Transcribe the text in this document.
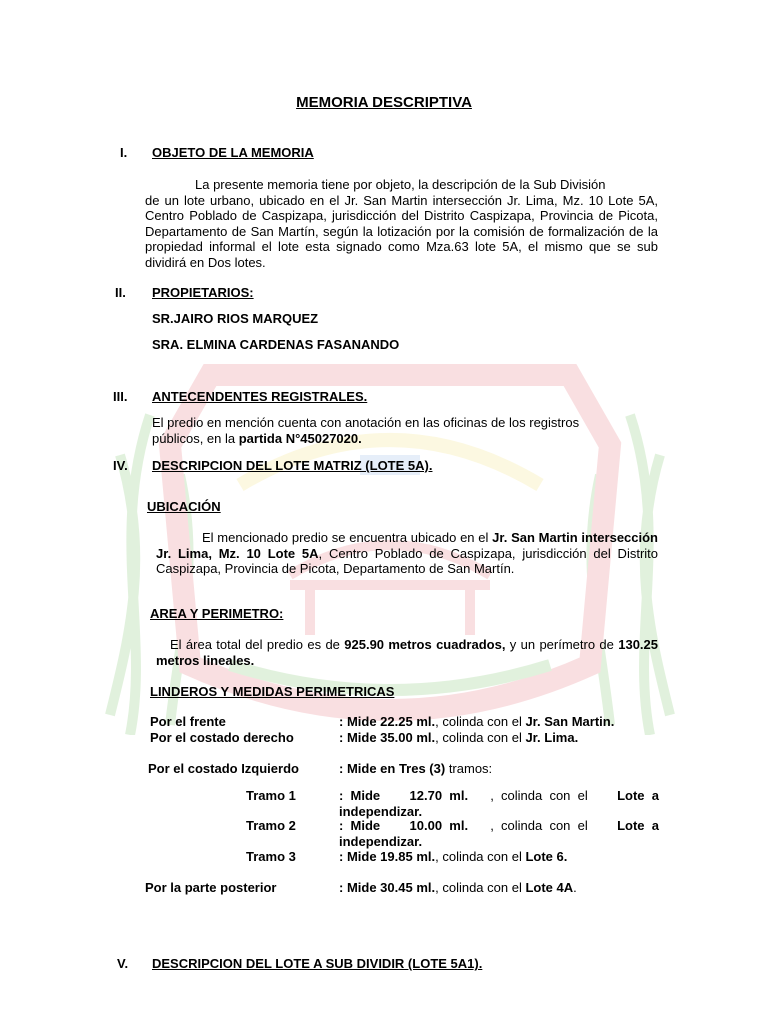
MEMORIA DESCRIPTIVA

I. OBJETO DE LA MEMORIA
La presente memoria tiene por objeto, la descripción de la Sub División
de un lote urbano, ubicado en el Jr. San Martin intersección Jr. Lima, Mz. 10 Lote 5A, Centro Poblado de Caspizapa, jurisdicción del Distrito Caspizapa, Provincia de Picota, Departamento de San Martín, según la lotización por la comisión de formalización de la propiedad informal el lote esta signado como Mza.63 lote 5A, el mismo que se sub dividirá en Dos lotes.
II. PROPIETARIOS:
SR.JAIRO RIOS MARQUEZ
SRA. ELMINA CARDENAS FASANANDO
III. ANTECENDENTES REGISTRALES.
El predio en mención cuenta con anotación en las oficinas de los registros públicos, en la partida N°45027020.
IV. DESCRIPCION DEL LOTE MATRIZ (LOTE 5A).
UBICACIÓN
El mencionado predio se encuentra ubicado en el Jr. San Martin intersección Jr. Lima, Mz. 10 Lote 5A, Centro Poblado de Caspizapa, jurisdicción del Distrito Caspizapa, Provincia de Picota, Departamento de San Martín.
AREA Y PERIMETRO:
El área total del predio es de 925.90 metros cuadrados, y un perímetro de 130.25 metros lineales.
LINDEROS Y MEDIDAS PERIMETRICAS
Por el frente	: Mide 22.25 ml., colinda con el Jr. San Martin.
Por el costado derecho	: Mide 35.00 ml., colinda con el Jr. Lima.
Por el costado Izquierdo	: Mide en Tres (3) tramos:
Tramo 1	:  Mide 12.70  ml. ,  colinda  con  el Lote  a
independizar.
Tramo 2	:  Mide 10.00  ml. ,  colinda  con  el Lote  a
independizar.
Tramo 3	: Mide 19.85 ml., colinda con el Lote 6.
Por la parte posterior	: Mide 30.45 ml., colinda con el Lote 4A.
V. DESCRIPCION DEL LOTE A SUB DIVIDIR (LOTE 5A1).
